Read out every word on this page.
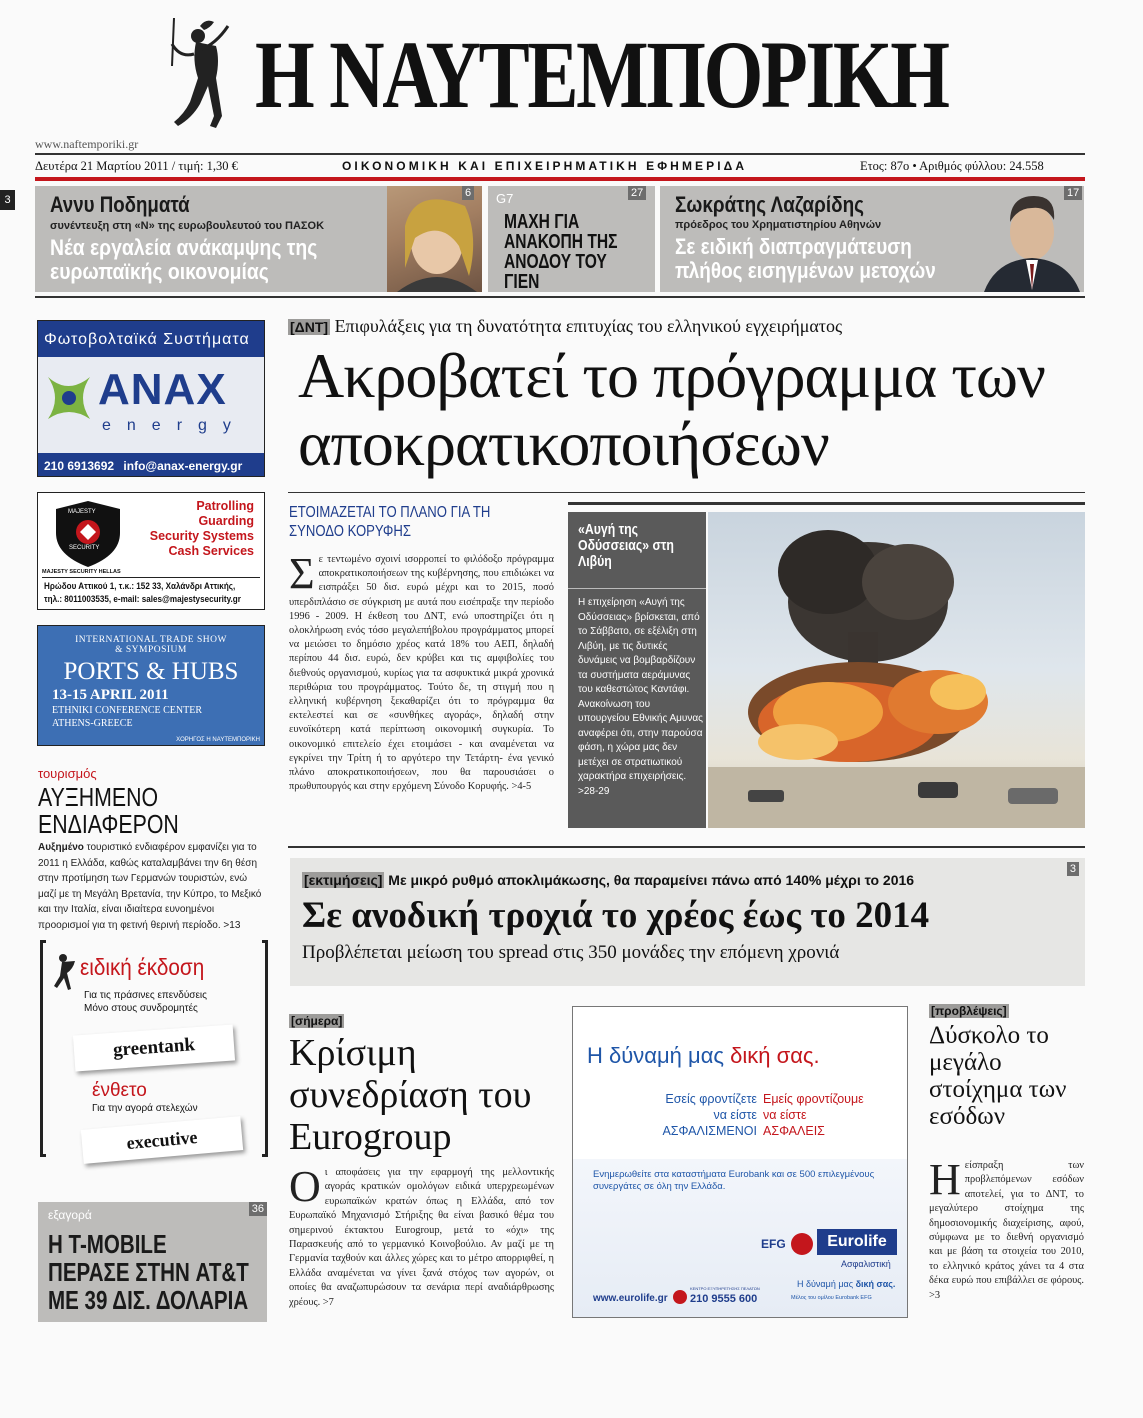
3
Η ΝΑΥΤΕΜΠΟΡΙΚΗ
www.naftemporiki.gr
Δευτέρα 21 Μαρτίου 2011 / τιμή: 1,30 €	ΟΙΚΟΝΟΜΙΚΗ ΚΑΙ ΕΠΙΧΕΙΡΗΜΑΤΙΚΗ ΕΦΗΜΕΡΙΔΑ	Ετος: 87ο • Αριθμός φύλλου: 24.558
Αννυ Ποδηματά
συνέντευξη στη «Ν» της ευρωβουλευτού του ΠΑΣΟΚ
Νέα εργαλεία ανάκαμψης της ευρωπαϊκής οικονομίας
6 G7
ΜΑΧΗ ΓΙΑ ΑΝΑΚΟΠΗ ΤΗΣ ΑΝΟΔΟΥ ΤΟΥ ΓΙΕΝ
27 Σωκράτης Λαζαρίδης
πρόεδρος του Χρηματιστηρίου Αθηνών
Σε ειδική διαπραγμάτευση πλήθος εισηγμένων μετοχών
17
Φωτοβολταϊκά Συστήματα
ANAX
energy
210 6913692 info@anax-energy.gr
MAJESTY
SECURITY
Patrolling
Guarding
Security Systems
Cash Services
MAJESTY SECURITY HELLAS
Ηρώδου Αττικού 1, τ.κ.: 152 33, Χαλάνδρι Αττικής,
τηλ.: 8011003535, e-mail: sales@majestysecurity.gr
INTERNATIONAL TRADE SHOW
& SYMPOSIUM
PORTS & HUBS
13-15 APRIL 2011
ETHNIKI CONFERENCE CENTER
ATHENS-GREECE
ΧΟΡΗΓΟΣ Η ΝΑΥΤΕΜΠΟΡΙΚΗ
τουρισμός
ΑΥΞΗΜΕΝΟ ΕΝΔΙΑΦΕΡΟΝ

Αυξημένο τουριστικό ενδιαφέρον εμφανίζει για το 2011 η Ελλάδα, καθώς καταλαμβάνει την 6η θέση στην προτίμηση των Γερμανών τουριστών, ενώ μαζί με τη Μεγάλη Βρετανία, την Κύπρο, το Μεξικό και την Ιταλία, είναι ιδιαίτερα ευνοημένοι προορισμοί για τη φετινή θερινή περίοδο. >13

ειδική έκδοση
Για τις πράσινες επενδύσεις
Μόνο στους συνδρομητές
greentank
ένθετο
Για την αγορά στελεχών
executive
εξαγορά	36
Η T-MOBILE ΠΕΡΑΣΕ ΣΤΗΝ AT&T ΜΕ 39 ΔΙΣ. ΔΟΛΑΡΙΑ
[ΔΝΤ] Επιφυλάξεις για τη δυνατότητα επιτυχίας του ελληνικού εγχειρήματος
Ακροβατεί το πρόγραμμα των αποκρατικοποιήσεων
ΕΤΟΙΜΑΖΕΤΑΙ ΤΟ ΠΛΑΝΟ ΓΙΑ ΤΗ ΣΥΝΟΔΟ ΚΟΡΥΦΗΣ

Σε τεντωμένο σχοινί ισορροπεί το φιλόδοξο πρόγραμμα αποκρατικοποιήσεων της κυβέρνησης, που επιδιώκει να εισπράξει 50 δισ. ευρώ μέχρι και το 2015, ποσό υπερδιπλάσιο σε σύγκριση με αυτά που εισέπραξε την περίοδο 1996 - 2009. Η έκθεση του ΔΝΤ, ενώ υποστηρίζει ότι η ολοκλήρωση ενός τόσο μεγαλεπήβολου προγράμματος μπορεί να μειώσει το δημόσιο χρέος κατά 18% του ΑΕΠ, δηλαδή περίπου 44 δισ. ευρώ, δεν κρύβει και τις αμφιβολίες του διεθνούς οργανισμού, κυρίως για τα ασφυκτικά μικρά χρονικά περιθώρια του προγράμματος. Τούτο δε, τη στιγμή που η ελληνική κυβέρνηση ξεκαθαρίζει ότι το πρόγραμμα θα εκτελεστεί και σε «συνθήκες αγοράς», δηλαδή στην ευνοϊκότερη κατά περίπτωση οικονομική συγκυρία. Το οικονομικό επιτελείο έχει ετοιμάσει - και αναμένεται να εγκρίνει την Τρίτη ή το αργότερο την Τετάρτη- ένα γενικό πλάνο αποκρατικοποιήσεων, που θα παρουσιάσει ο πρωθυπουργός και στην ερχόμενη Σύνοδο Κορυφής. >4-5

«Αυγή της Οδύσσειας» στη Λιβύη

Η επιχείρηση «Αυγή της Οδύσσειας» βρίσκεται, από το Σάββατο, σε εξέλιξη στη Λιβύη, με τις δυτικές δυνάμεις να βομβαρδίζουν τα συστήματα αεράμυνας του καθεστώτος Καντάφι. Ανακοίνωση του υπουργείου Εθνικής Αμυνας αναφέρει ότι, στην παρούσα φάση, η χώρα μας δεν μετέχει σε στρατιωτικού χαρακτήρα επιχειρήσεις. >28-29

[εκτιμήσεις] Με μικρό ρυθμό αποκλιμάκωσης, θα παραμείνει πάνω από 140% μέχρι το 2016
3
Σε ανοδική τροχιά το χρέος έως το 2014
Προβλέπεται μείωση του spread στις 350 μονάδες την επόμενη χρονιά
[σήμερα]
Κρίσιμη συνεδρίαση του Eurogroup

Οι αποφάσεις για την εφαρμογή της μελλοντικής αγοράς κρατικών ομολόγων ειδικά υπερχρεωμένων ευρωπαϊκών κρατών όπως η Ελλάδα, από τον Ευρωπαϊκό Μηχανισμό Στήριξης θα είναι βασικό θέμα του σημερινού έκτακτου Eurogroup, μετά το «όχι» της Παρασκευής από το γερμανικό Κοινοβούλιο. Αν μαζί με τη Γερμανία ταχθούν και άλλες χώρες και το μέτρο απορριφθεί, η Ελλάδα αναμένεται να γίνει ξανά στόχος των αγορών, οι οποίες θα αναζωπυρώσουν τα σενάρια περί αναδιάρθρωσης χρέους. >7

Η δύναμή μας δική σας.
Εσείς φροντίζετε
να είστε
ΑΣΦΑΛΙΣΜΕΝΟΙ
Εμείς φροντίζουμε
να είστε
ΑΣΦΑΛΕΙΣ
Ενημερωθείτε στα καταστήματα Eurobank και σε 500 επιλεγμένους συνεργάτες σε όλη την Ελλάδα.
EFG	Eurolife
Ασφαλιστική
www.eurolife.gr
ΚΕΝΤΡΟ ΕΞΥΠΗΡΕΤΗΣΗΣ ΠΕΛΑΤΩΝ
210 9555 600
Η δύναμή μας δική σας.
Μέλος του ομίλου Eurobank EFG
[προβλέψεις]
Δύσκολο το μεγάλο στοίχημα των εσόδων

Η είσπραξη των προβλεπόμενων εσόδων αποτελεί, για το ΔΝΤ, το μεγαλύτερο στοίχημα της δημοσιονομικής διαχείρισης, αφού, σύμφωνα με το διεθνή οργανισμό και με βάση τα στοιχεία του 2010, το ελληνικό κράτος χάνει τα 4 στα δέκα ευρώ που επιβάλλει σε φόρους. >3
